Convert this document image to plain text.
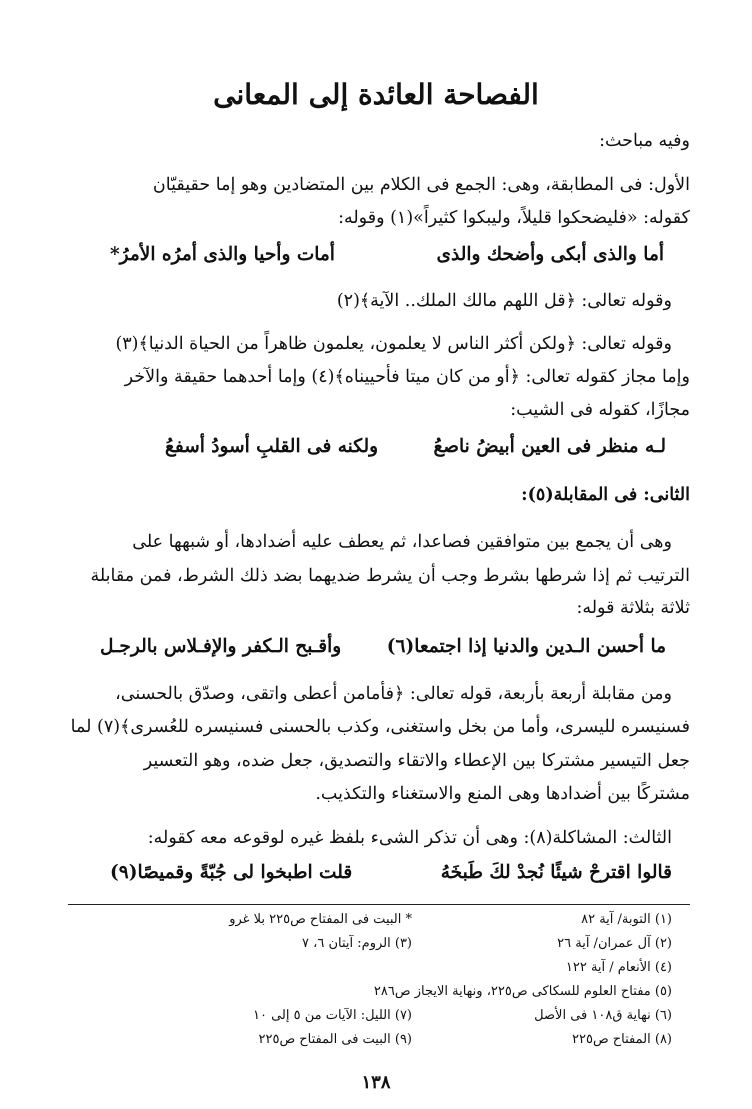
الفصاحة العائدة إلى المعانى
وفيه مباحث:
الأول: فى المطابقة، وهى: الجمع فى الكلام بين المتضادين وهو إما حقيقيّان
كقوله: «فليضحكوا قليلاً، وليبكوا كثيراً»(١) وقوله:
أما والذى أبكى وأضحك والذى
أمات وأحيا والذى أمرُه الأمرُ*
وقوله تعالى: ﴿قل اللهم مالك الملك.. الآية﴾(٢)
وقوله تعالى: ﴿ولكن أكثر الناس لا يعلمون، يعلمون ظاهراً من الحياة الدنيا﴾(٣)
وإما مجاز كقوله تعالى: ﴿أو من كان ميتا فأحييناه﴾(٤) وإما أحدهما حقيقة والآخر
مجازًا، كقوله فى الشيب:
لـه منظر فى العين أبيضُ ناصعُ
ولكنه فى القلبِ أسودُ أسفعُ
الثانى: فى المقابلة(٥):
وهى أن يجمع بين متوافقين فصاعدا، ثم يعطف عليه أضدادها، أو شبهها على
الترتيب ثم إذا شرطها بشرط وجب أن يشرط ضديهما بضد ذلك الشرط، فمن مقابلة
ثلاثة بثلاثة قوله:
ما أحسن الـدين والدنيا إذا اجتمعا(٦)
وأقـبح الـكفر والإفـلاس بالرجـل
ومن مقابلة أربعة بأربعة، قوله تعالى: ﴿فأمامن أعطى واتقى، وصدّق بالحسنى،
فسنيسره لليسرى، وأما من بخل واستغنى، وكذب بالحسنى فسنيسره للعُسرى﴾(٧) لما
جعل التيسير مشتركا بين الإعطاء والاتقاء والتصديق، جعل ضده، وهو التعسير
مشتركًا بين أضدادها وهى المنع والاستغناء والتكذيب.
الثالث: المشاكلة(٨): وهى أن تذكر الشىء بلفظ غيره لوقوعه معه كقوله:
قالوا اقترحْ شيئًا نُجدْ لكَ طَبخَهُ
قلت اطبخوا لى جُبّةً وقميصًا(٩)
(١) التوبة/ آية ٨٢
* البيت فى المفتاح ص٢٢٥ بلا غرو
(٢) آل عمران/ آية ٢٦
(٣) الروم: آيتان ٦، ٧
(٤) الأنعام / آية ١٢٢
(٥) مفتاح العلوم للسكاكى ص٢٢٥، ونهاية الايجاز ص٢٨٦
(٦) نهاية ق١٠٨ فى الأصل
(٧) الليل: الآيات من ٥ إلى ١٠
(٨) المفتاح ص٢٢٥
(٩) البيت فى المفتاح ص٢٢٥
١٣٨
